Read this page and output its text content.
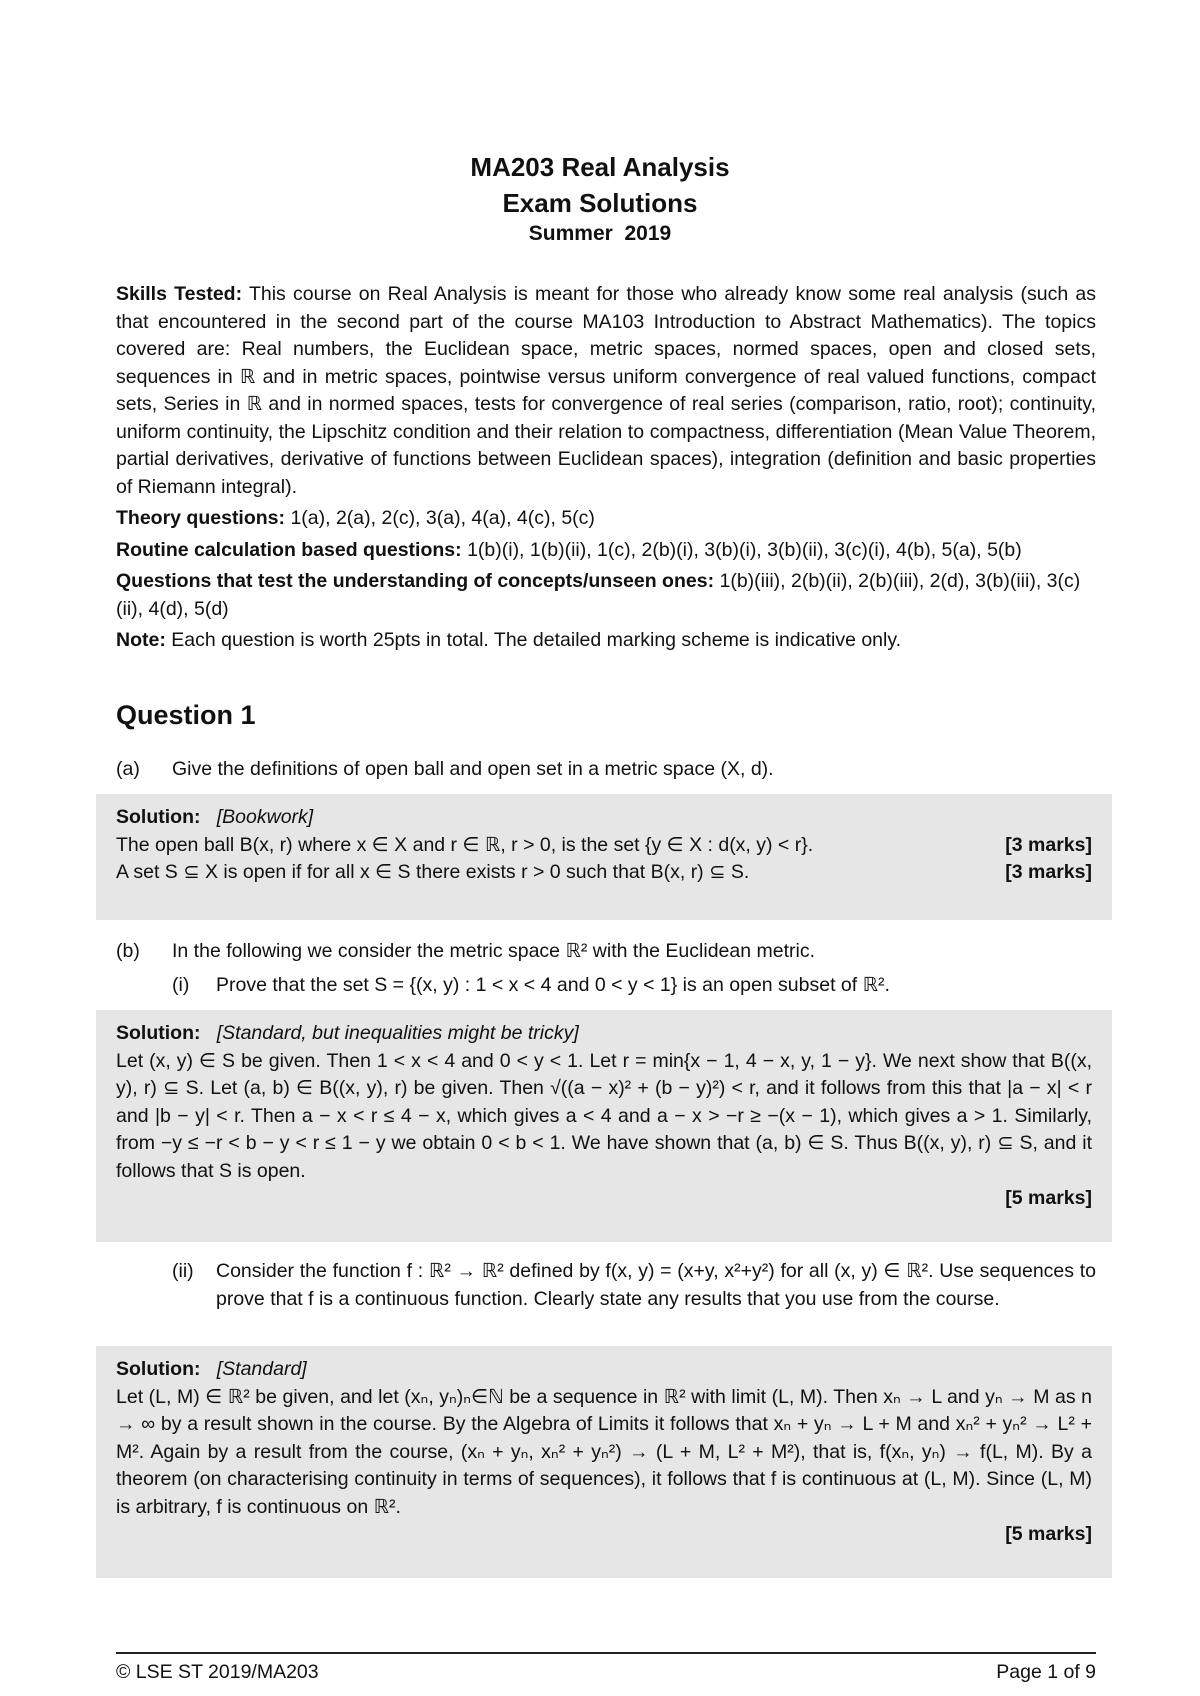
MA203 Real Analysis
Exam Solutions
Summer  2019

Skills Tested: This course on Real Analysis is meant for those who already know some real analysis (such as that encountered in the second part of the course MA103 Introduction to Abstract Mathematics). The topics covered are: Real numbers, the Euclidean space, metric spaces, normed spaces, open and closed sets, sequences in ℝ and in metric spaces, pointwise versus uniform convergence of real valued functions, compact sets, Series in ℝ and in normed spaces, tests for convergence of real series (comparison, ratio, root); continuity, uniform continuity, the Lipschitz condition and their relation to compactness, differentiation (Mean Value Theorem, partial derivatives, derivative of functions between Euclidean spaces), integration (definition and basic properties of Riemann integral).

Theory questions: 1(a), 2(a), 2(c), 3(a), 4(a), 4(c), 5(c)

Routine calculation based questions: 1(b)(i), 1(b)(ii), 1(c), 2(b)(i), 3(b)(i), 3(b)(ii), 3(c)(i), 4(b), 5(a), 5(b)

Questions that test the understanding of concepts/unseen ones: 1(b)(iii), 2(b)(ii), 2(b)(iii), 2(d), 3(b)(iii), 3(c)(ii), 4(d), 5(d)

Note: Each question is worth 25pts in total. The detailed marking scheme is indicative only.

Question 1
(a) Give the definitions of open ball and open set in a metric space (X, d).

Solution: [Bookwork]

The open ball B(x, r) where x ∈ X and r ∈ ℝ, r > 0, is the set {y ∈ X : d(x, y) < r}.	[3 marks]
A set S ⊆ X is open if for all x ∈ S there exists r > 0 such that B(x, r) ⊆ S.	[3 marks]
(b) In the following we consider the metric space ℝ² with the Euclidean metric.
(i) Prove that the set S = {(x, y) : 1 < x < 4 and 0 < y < 1} is an open subset of ℝ².

Solution: [Standard, but inequalities might be tricky]

Let (x, y) ∈ S be given. Then 1 < x < 4 and 0 < y < 1. Let r = min{x − 1, 4 − x, y, 1 − y}. We next show that B((x, y), r) ⊆ S. Let (a, b) ∈ B((x, y), r) be given. Then √((a − x)² + (b − y)²) < r, and it follows from this that |a − x| < r and |b − y| < r. Then a − x < r ≤ 4 − x, which gives a < 4 and a − x > −r ≥ −(x − 1), which gives a > 1. Similarly, from −y ≤ −r < b − y < r ≤ 1 − y we obtain 0 < b < 1. We have shown that (a, b) ∈ S. Thus B((x, y), r) ⊆ S, and it follows that S is open.

[5 marks]

(ii) Consider the function f : ℝ² → ℝ² defined by f(x, y) = (x+y, x²+y²) for all (x, y) ∈ ℝ². Use sequences to prove that f is a continuous function. Clearly state any results that you use from the course.

Solution: [Standard]

Let (L, M) ∈ ℝ² be given, and let (xₙ, yₙ)ₙ∈ℕ be a sequence in ℝ² with limit (L, M). Then xₙ → L and yₙ → M as n → ∞ by a result shown in the course. By the Algebra of Limits it follows that xₙ + yₙ → L + M and xₙ² + yₙ² → L² + M². Again by a result from the course, (xₙ + yₙ, xₙ² + yₙ²) → (L + M, L² + M²), that is, f(xₙ, yₙ) → f(L, M). By a theorem (on characterising continuity in terms of sequences), it follows that f is continuous at (L, M). Since (L, M) is arbitrary, f is continuous on ℝ².

[5 marks]

© LSE ST 2019/MA203	Page 1 of 9
